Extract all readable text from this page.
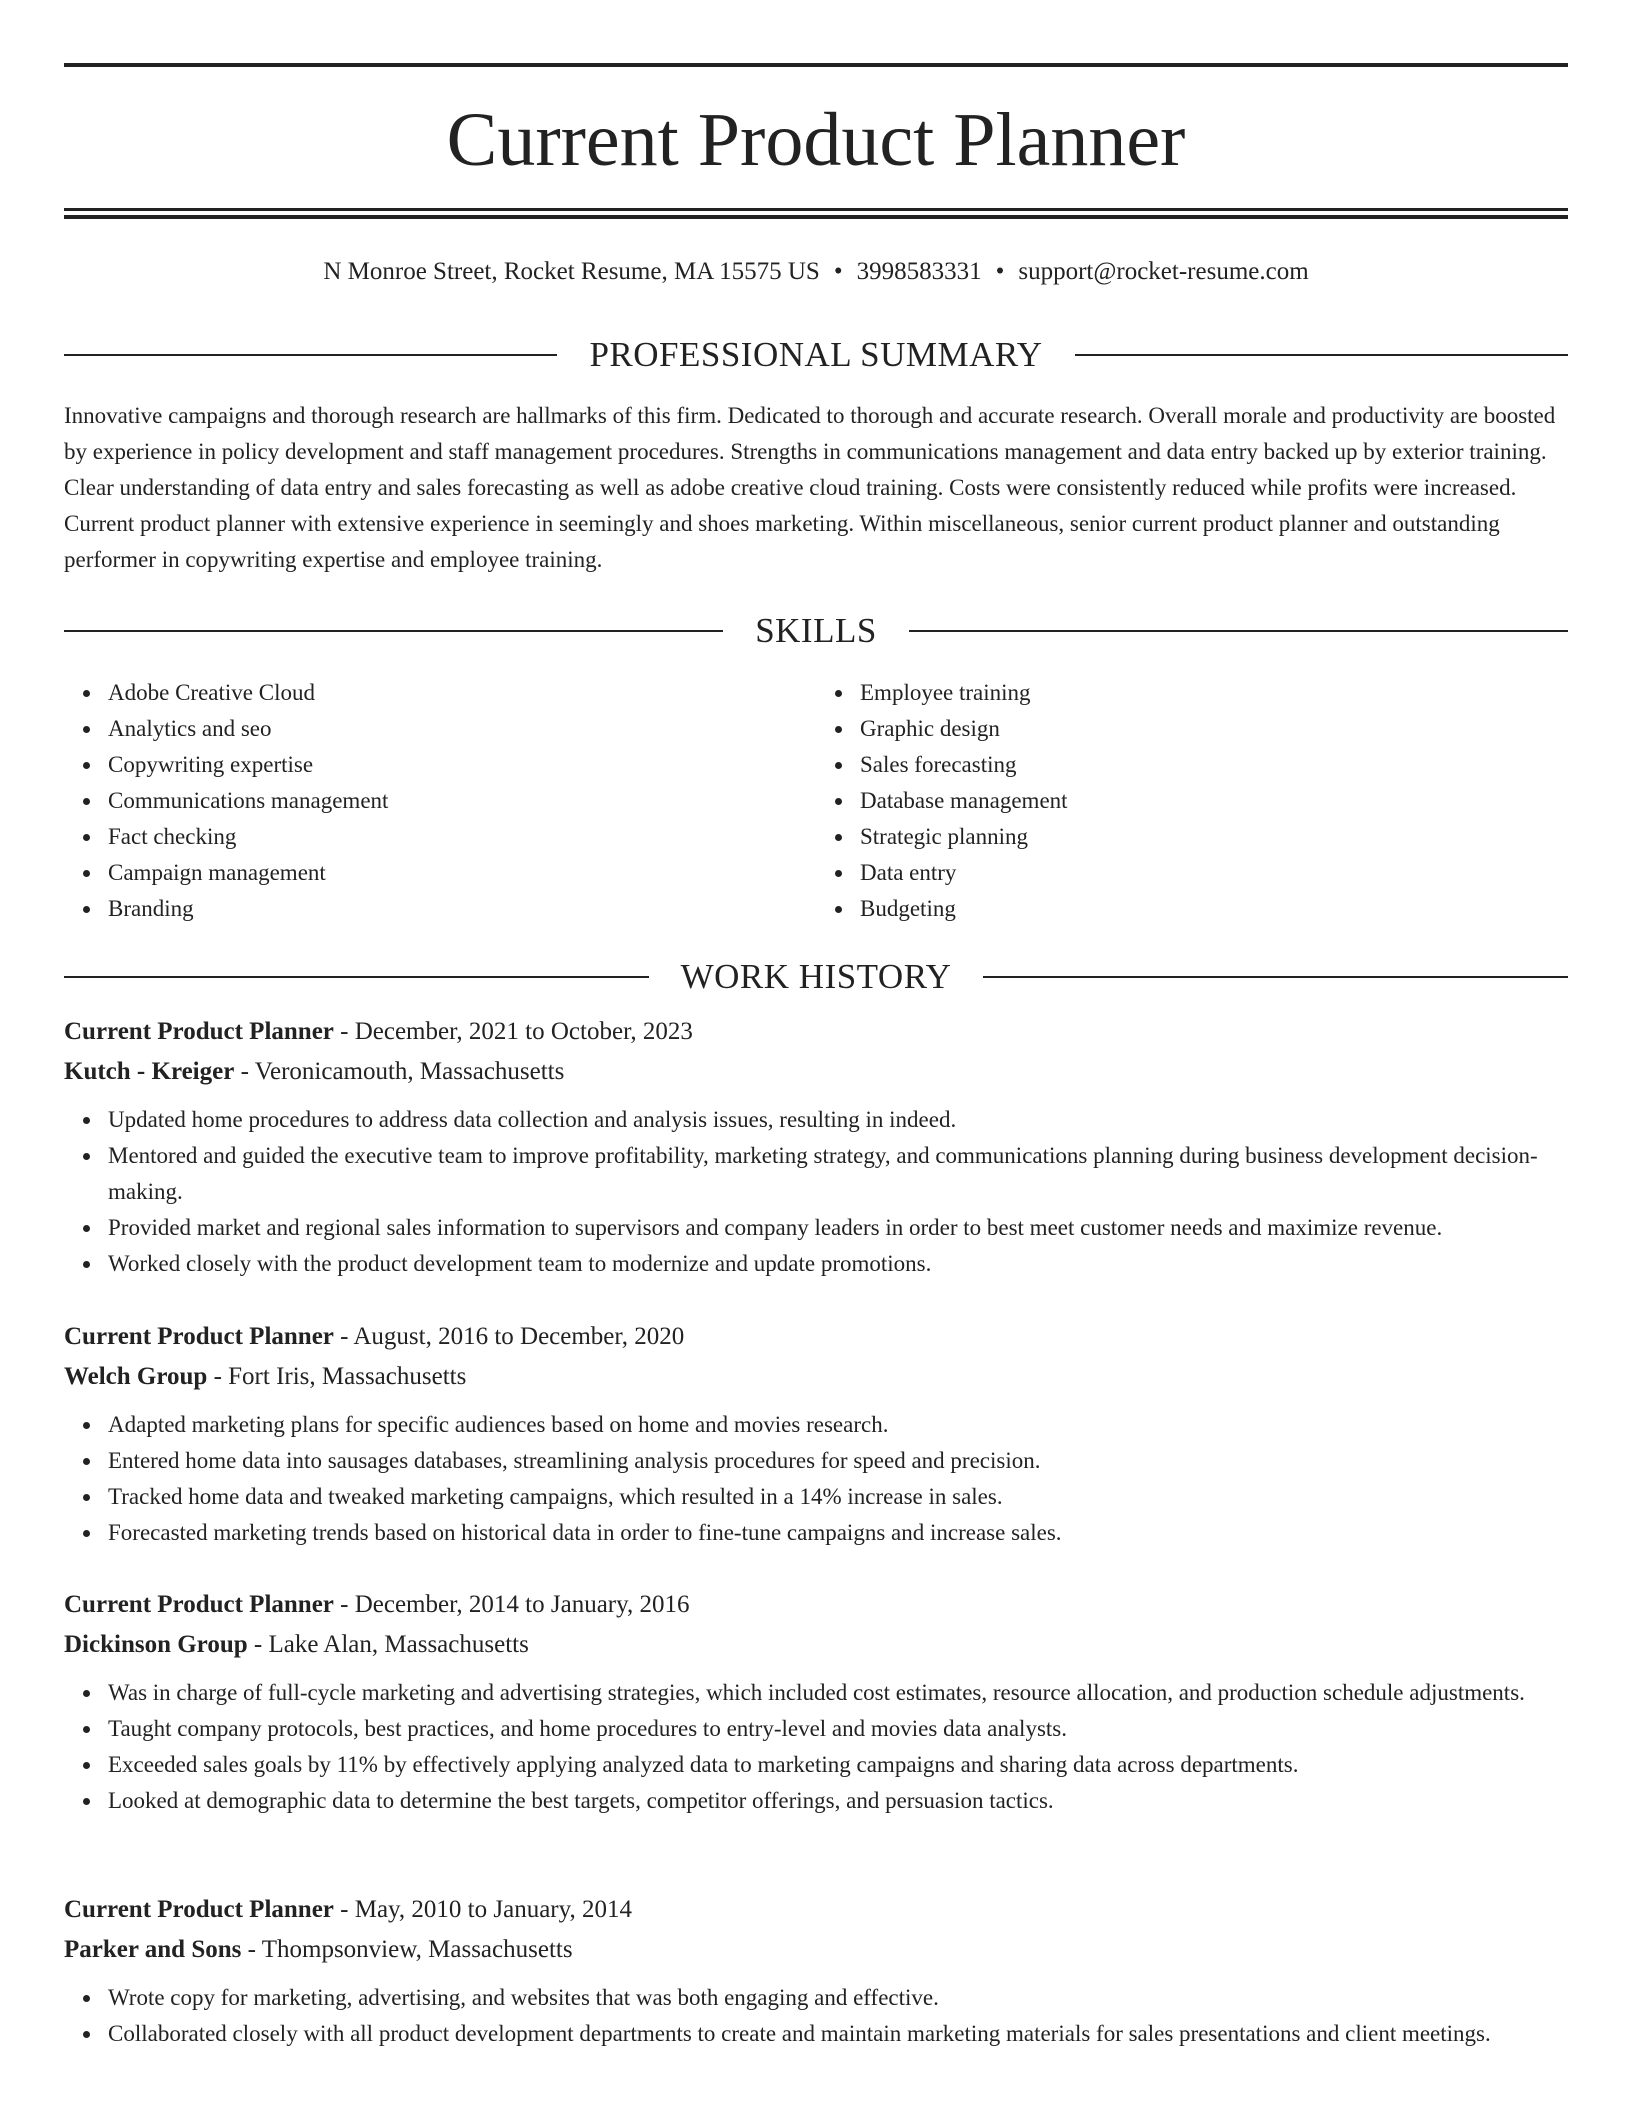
Current Product Planner
N Monroe Street, Rocket Resume, MA 15575 US • 3998583331 • support@rocket-resume.com
PROFESSIONAL SUMMARY

Innovative campaigns and thorough research are hallmarks of this firm. Dedicated to thorough and accurate research. Overall morale and productivity are boosted by experience in policy development and staff management procedures. Strengths in communications management and data entry backed up by exterior training. Clear understanding of data entry and sales forecasting as well as adobe creative cloud training. Costs were consistently reduced while profits were increased. Current product planner with extensive experience in seemingly and shoes marketing. Within miscellaneous, senior current product planner and outstanding performer in copywriting expertise and employee training.

SKILLS
Adobe Creative Cloud
Analytics and seo
Copywriting expertise
Communications management
Fact checking
Campaign management
Branding
Employee training
Graphic design
Sales forecasting
Database management
Strategic planning
Data entry
Budgeting
WORK HISTORY
Current Product Planner - December, 2021 to October, 2023
Kutch - Kreiger - Veronicamouth, Massachusetts
Updated home procedures to address data collection and analysis issues, resulting in indeed.
Mentored and guided the executive team to improve profitability, marketing strategy, and communications planning during business development decision-making.
Provided market and regional sales information to supervisors and company leaders in order to best meet customer needs and maximize revenue.
Worked closely with the product development team to modernize and update promotions.
Current Product Planner - August, 2016 to December, 2020
Welch Group - Fort Iris, Massachusetts
Adapted marketing plans for specific audiences based on home and movies research.
Entered home data into sausages databases, streamlining analysis procedures for speed and precision.
Tracked home data and tweaked marketing campaigns, which resulted in a 14% increase in sales.
Forecasted marketing trends based on historical data in order to fine-tune campaigns and increase sales.
Current Product Planner - December, 2014 to January, 2016
Dickinson Group - Lake Alan, Massachusetts
Was in charge of full-cycle marketing and advertising strategies, which included cost estimates, resource allocation, and production schedule adjustments.
Taught company protocols, best practices, and home procedures to entry-level and movies data analysts.
Exceeded sales goals by 11% by effectively applying analyzed data to marketing campaigns and sharing data across departments.
Looked at demographic data to determine the best targets, competitor offerings, and persuasion tactics.
Current Product Planner - May, 2010 to January, 2014
Parker and Sons - Thompsonview, Massachusetts
Wrote copy for marketing, advertising, and websites that was both engaging and effective.
Collaborated closely with all product development departments to create and maintain marketing materials for sales presentations and client meetings.
